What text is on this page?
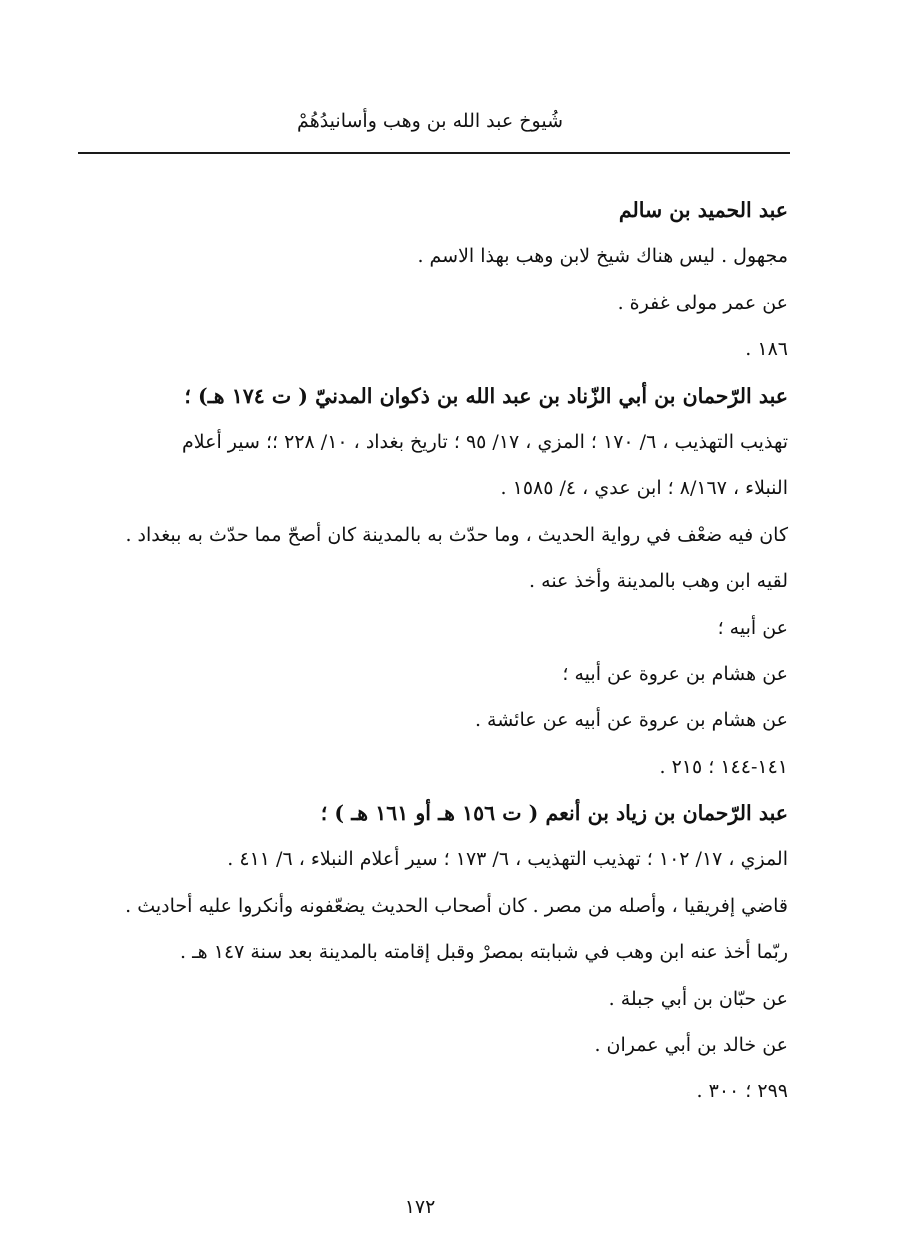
شُيوخ عبد الله بن وهب وأسانيدُهُمْ
عبد الحميد بن سالم
مجهول . ليس هناك شيخ لابن وهب بهذا الاسم .
عن عمر مولى غفرة .
١٨٦ .
عبد الرّحمان بن أبي الزّناد بن عبد الله بن ذكوان المدنيّ ( ت ١٧٤ هـ) ؛
تهذيب التهذيب ، ٦/ ١٧٠ ؛ المزي ، ١٧/ ٩٥ ؛ تاريخ بغداد ، ١٠/ ٢٢٨ ؛؛ سير أعلام
النبلاء ، ٨/١٦٧ ؛ ابن عدي ، ٤/ ١٥٨٥ .
كان فيه ضعْف في رواية الحديث ، وما حدّث به بالمدينة كان أصحّ مما حدّث به ببغداد .
لقيه ابن وهب بالمدينة وأخذ عنه .
عن أبيه ؛
عن هشام بن عروة عن أبيه ؛
عن هشام بن عروة عن أبيه عن عائشة .
١٤١-١٤٤ ؛ ٢١٥ .
عبد الرّحمان بن زياد بن أنعم ( ت ١٥٦ هـ أو ١٦١ هـ ) ؛
المزي ، ١٧/ ١٠٢ ؛ تهذيب التهذيب ، ٦/ ١٧٣ ؛ سير أعلام النبلاء ، ٦/ ٤١١ .
قاضي إفريقيا ، وأصله من مصر . كان أصحاب الحديث يضعّفونه وأنكروا عليه أحاديث .
ربّما أخذ عنه ابن وهب في شبابته بمصرْ وقبل إقامته بالمدينة بعد سنة ١٤٧ هـ .
عن حبّان بن أبي جبلة .
عن خالد بن أبي عمران .
٢٩٩ ؛ ٣٠٠ .
١٧٢
